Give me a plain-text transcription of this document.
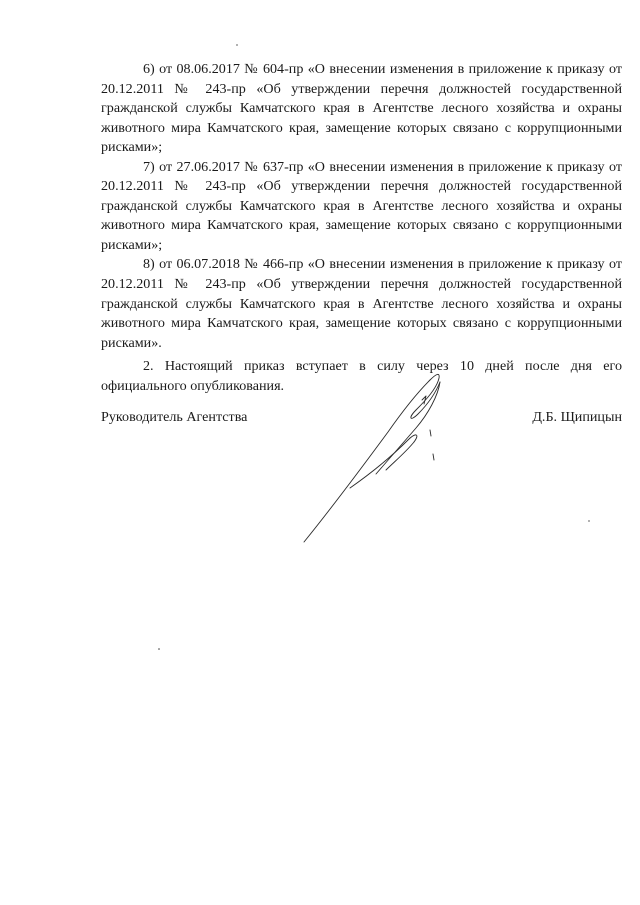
6) от 08.06.2017 № 604-пр «О внесении изменения в приложение к приказу от 20.12.2011 № 243-пр «Об утверждении перечня должностей государственной гражданской службы Камчатского края в Агентстве лесного хозяйства и охраны животного мира Камчатского края, замещение которых связано с коррупционными рисками»;

7) от 27.06.2017 № 637-пр «О внесении изменения в приложение к приказу от 20.12.2011 № 243-пр «Об утверждении перечня должностей государственной гражданской службы Камчатского края в Агентстве лесного хозяйства и охраны животного мира Камчатского края, замещение которых связано с коррупционными рисками»;

8) от 06.07.2018 № 466-пр «О внесении изменения в приложение к приказу от 20.12.2011 № 243-пр «Об утверждении перечня должностей государственной гражданской службы Камчатского края в Агентстве лесного хозяйства и охраны животного мира Камчатского края, замещение которых связано с коррупционными рисками».

2. Настоящий приказ вступает в силу через 10 дней после дня его официального опубликования.

Руководитель Агентства	Д.Б. Щипицын
